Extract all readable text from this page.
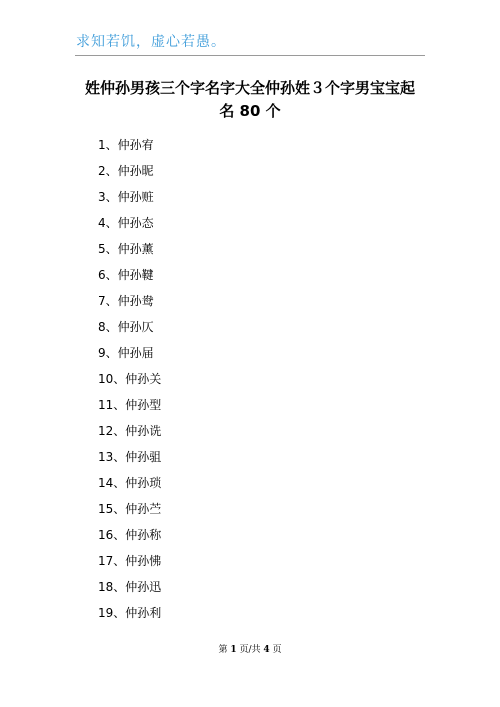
求知若饥，虚心若愚。
姓仲孙男孩三个字名字大全仲孙姓３个字男宝宝起
名 80 个
1、仲孙宥
2、仲孙昵
3、仲孙赃
4、仲孙态
5、仲孙薰
6、仲孙鞬
7、仲孙鸯
8、仲孙仄
9、仲孙届
10、仲孙关
11、仲孙型
12、仲孙诜
13、仲孙驵
14、仲孙琐
15、仲孙苎
16、仲孙称
17、仲孙怫
18、仲孙迅
19、仲孙利
第 1 页/共 4 页
